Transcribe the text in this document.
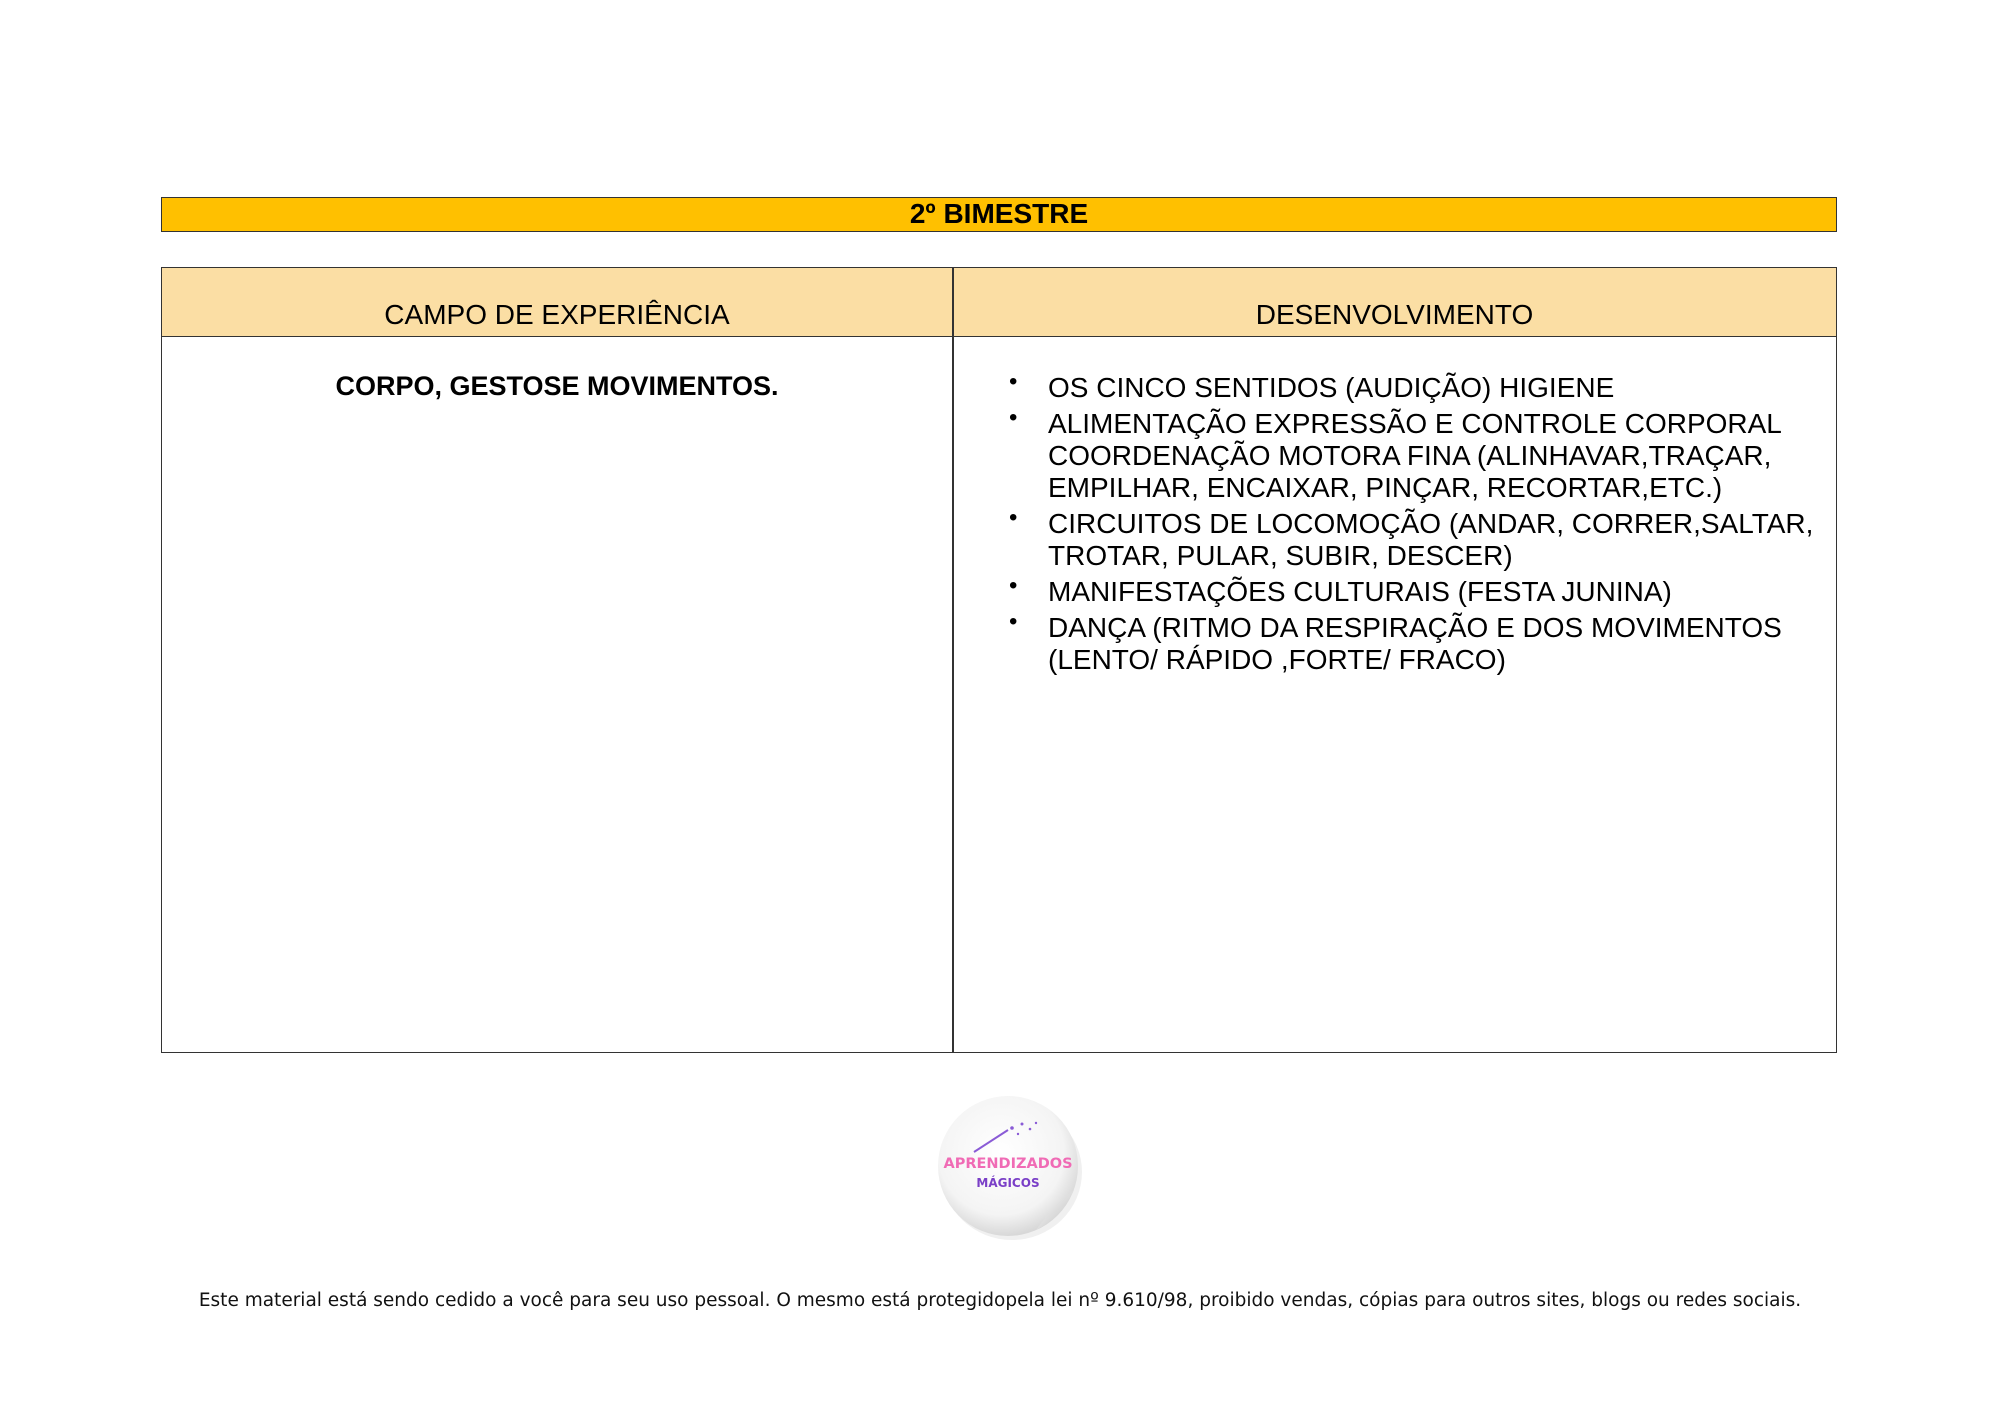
2º BIMESTRE
CAMPO DE EXPERIÊNCIA	DESENVOLVIMENTO
CORPO, GESTOSE MOVIMENTOS.	• OS CINCO SENTIDOS (AUDIÇÃO) HIGIENE
• ALIMENTAÇÃO EXPRESSÃO E CONTROLE CORPORAL COORDENAÇÃO MOTORA FINA (ALINHAVAR,TRAÇAR, EMPILHAR, ENCAIXAR, PINÇAR, RECORTAR,ETC.)
• CIRCUITOS DE LOCOMOÇÃO (ANDAR, CORRER,SALTAR, TROTAR, PULAR, SUBIR, DESCER)
• MANIFESTAÇÕES CULTURAIS (FESTA JUNINA)
• DANÇA (RITMO DA RESPIRAÇÃO E DOS MOVIMENTOS (LENTO/ RÁPIDO ,FORTE/ FRACO)
APRENDIZADOS
MÁGICOS
Este material está sendo cedido a você para seu uso pessoal. O mesmo está protegidopela lei nº 9.610/98, proibido vendas, cópias para outros sites, blogs ou redes sociais.
